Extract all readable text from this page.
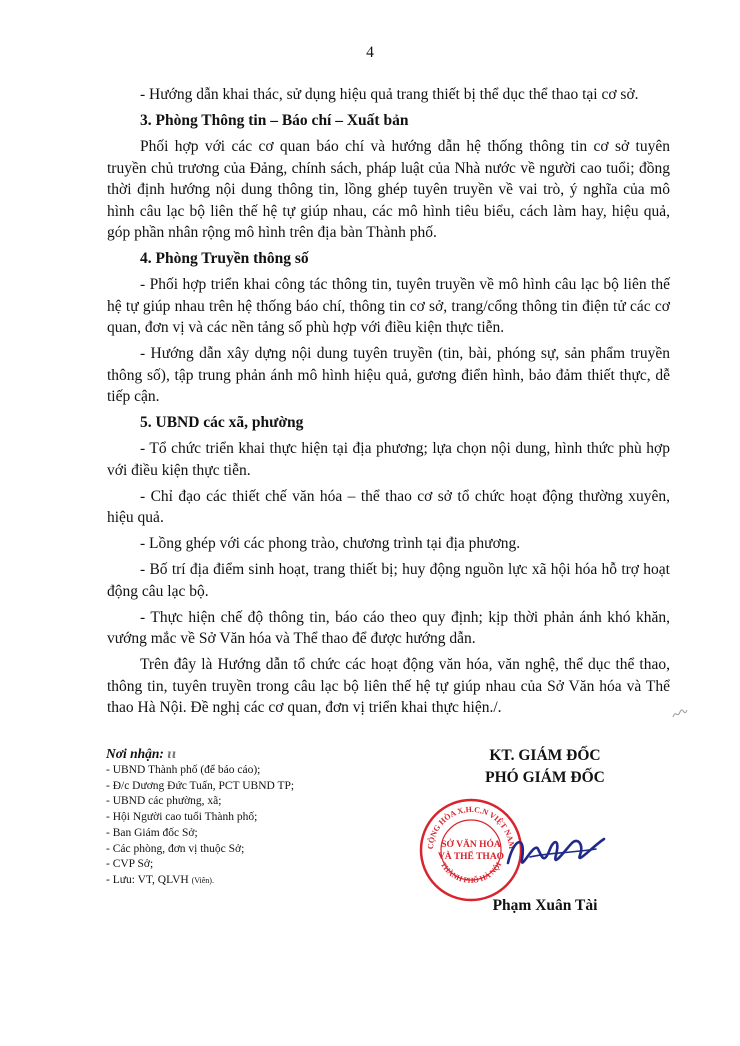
4

- Hướng dẫn khai thác, sử dụng hiệu quả trang thiết bị thể dục thể thao tại cơ sở.

3. Phòng Thông tin – Báo chí – Xuất bản

Phối hợp với các cơ quan báo chí và hướng dẫn hệ thống thông tin cơ sở tuyên truyền chủ trương của Đảng, chính sách, pháp luật của Nhà nước về người cao tuổi; đồng thời định hướng nội dung thông tin, lồng ghép tuyên truyền về vai trò, ý nghĩa của mô hình câu lạc bộ liên thế hệ tự giúp nhau, các mô hình tiêu biểu, cách làm hay, hiệu quả, góp phần nhân rộng mô hình trên địa bàn Thành phố.

4. Phòng Truyền thông số

- Phối hợp triển khai công tác thông tin, tuyên truyền về mô hình câu lạc bộ liên thế hệ tự giúp nhau trên hệ thống báo chí, thông tin cơ sở, trang/cổng thông tin điện tử các cơ quan, đơn vị và các nền tảng số phù hợp với điều kiện thực tiễn.

- Hướng dẫn xây dựng nội dung tuyên truyền (tin, bài, phóng sự, sản phẩm truyền thông số), tập trung phản ánh mô hình hiệu quả, gương điển hình, bảo đảm thiết thực, dễ tiếp cận.

5. UBND các xã, phường

- Tổ chức triển khai thực hiện tại địa phương; lựa chọn nội dung, hình thức phù hợp với điều kiện thực tiễn.

- Chỉ đạo các thiết chế văn hóa – thể thao cơ sở tổ chức hoạt động thường xuyên, hiệu quả.

- Lồng ghép với các phong trào, chương trình tại địa phương.

- Bố trí địa điểm sinh hoạt, trang thiết bị; huy động nguồn lực xã hội hóa hỗ trợ hoạt động câu lạc bộ.

- Thực hiện chế độ thông tin, báo cáo theo quy định; kịp thời phản ánh khó khăn, vướng mắc về Sở Văn hóa và Thể thao để được hướng dẫn.

Trên đây là Hướng dẫn tổ chức các hoạt động văn hóa, văn nghệ, thể dục thể thao, thông tin, tuyên truyền trong câu lạc bộ liên thế hệ tự giúp nhau của Sở Văn hóa và Thể thao Hà Nội. Đề nghị các cơ quan, đơn vị triển khai thực hiện./.

Nơi nhận: ɩɩ
- UBND Thành phố (để báo cáo);
- Đ/c Dương Đức Tuấn, PCT UBND TP;
- UBND các phường, xã;
- Hội Người cao tuổi Thành phố;
- Ban Giám đốc Sở;
- Các phòng, đơn vị thuộc Sở;
- CVP Sở;
- Lưu: VT, QLVH (Viên).
KT. GIÁM ĐỐC
PHÓ GIÁM ĐỐC
CỘNG HÒA X.H.C.N VIỆT NAM
THÀNH PHỐ HÀ NỘI
SỞ VĂN HÓA
VÀ THỂ THAO
Phạm Xuân Tài
